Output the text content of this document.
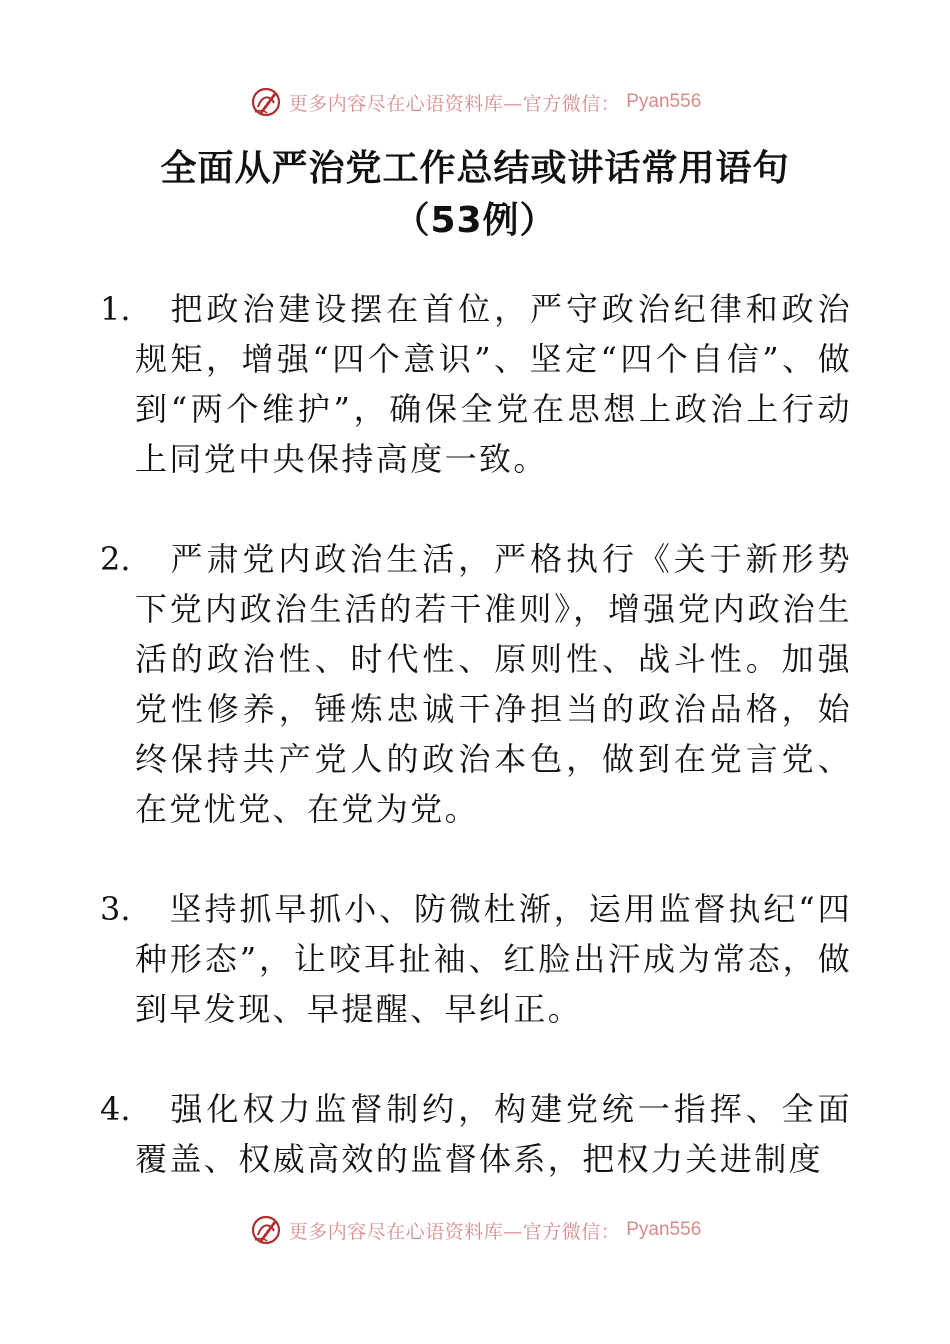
更多内容尽在心语资料库—官方微信： Pyan556
全面从严治党工作总结或讲话常用语句
（53例）
1.	把政治建设摆在首位，严守政治纪律和政治规矩，增强“四个意识”、坚定“四个自信”、做到“两个维护”，确保全党在思想上政治上行动上同党中央保持高度一致。
2.	严肃党内政治生活，严格执行《关于新形势下党内政治生活的若干准则》，增强党内政治生活的政治性、时代性、原则性、战斗性。加强党性修养，锤炼忠诚干净担当的政治品格，始终保持共产党人的政治本色，做到在党言党、在党忧党、在党为党。
3.	坚持抓早抓小、防微杜渐，运用监督执纪“四种形态”，让咬耳扯袖、红脸出汗成为常态，做到早发现、早提醒、早纠正。
4.	强化权力监督制约，构建党统一指挥、全面覆盖、权威高效的监督体系，把权力关进制度
更多内容尽在心语资料库—官方微信： Pyan556
